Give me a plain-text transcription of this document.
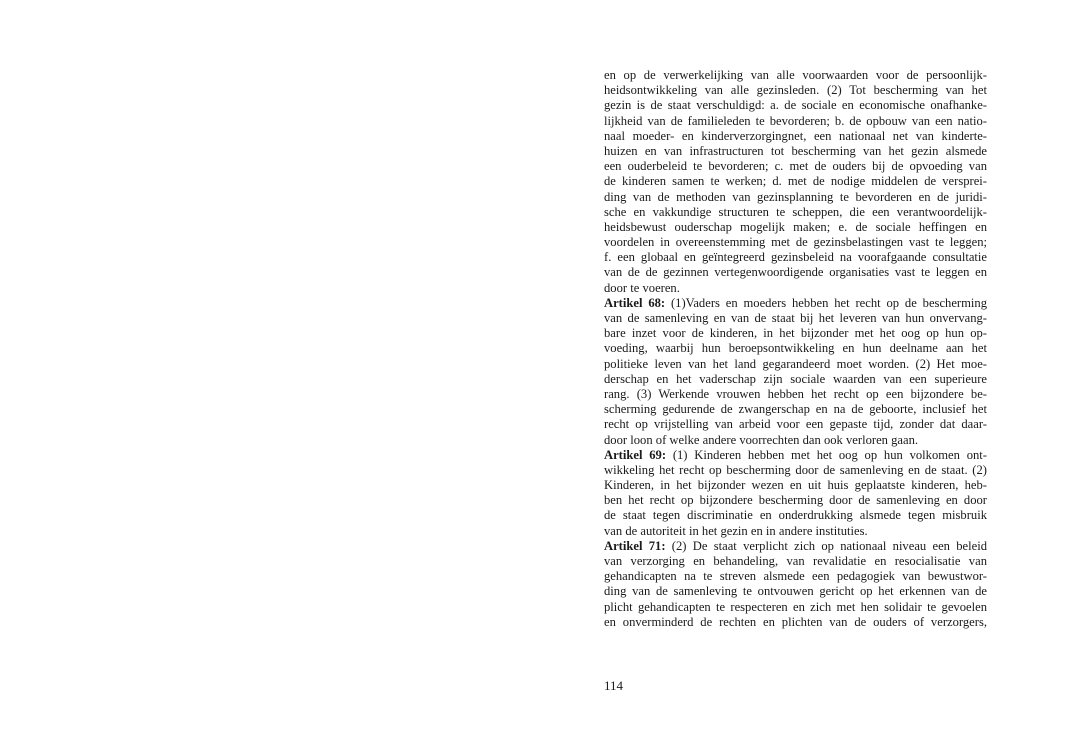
en op de verwerkelijking van alle voorwaarden voor de persoonlijk-
heidsontwikkeling van alle gezinsleden. (2) Tot bescherming van het
gezin is de staat verschuldigd: a. de sociale en economische onafhanke-
lijkheid van de familieleden te bevorderen; b. de opbouw van een natio-
naal moeder- en kinderverzorgingnet, een nationaal net van kinderte-
huizen en van infrastructuren tot bescherming van het gezin alsmede
een ouderbeleid te bevorderen; c. met de ouders bij de opvoeding van
de kinderen samen te werken; d. met de nodige middelen de versprei-
ding van de methoden van gezinsplanning te bevorderen en de juridi-
sche en vakkundige structuren te scheppen, die een verantwoordelijk-
heidsbewust ouderschap mogelijk maken; e. de sociale heffingen en
voordelen in overeenstemming met de gezinsbelastingen vast te leggen;
f. een globaal en geïntegreerd gezinsbeleid na voorafgaande consultatie
van de de gezinnen vertegenwoordigende organisaties vast te leggen en
door te voeren.
Artikel 68: (1)Vaders en moeders hebben het recht op de bescherming
van de samenleving en van de staat bij het leveren van hun onvervang-
bare inzet voor de kinderen, in het bijzonder met het oog op hun op-
voeding, waarbij hun beroepsontwikkeling en hun deelname aan het
politieke leven van het land gegarandeerd moet worden. (2) Het moe-
derschap en het vaderschap zijn sociale waarden van een superieure
rang. (3) Werkende vrouwen hebben het recht op een bijzondere be-
scherming gedurende de zwangerschap en na de geboorte, inclusief het
recht op vrijstelling van arbeid voor een gepaste tijd, zonder dat daar-
door loon of welke andere voorrechten dan ook verloren gaan.
Artikel 69: (1) Kinderen hebben met het oog op hun volkomen ont-
wikkeling het recht op bescherming door de samenleving en de staat. (2)
Kinderen, in het bijzonder wezen en uit huis geplaatste kinderen, heb-
ben het recht op bijzondere bescherming door de samenleving en door
de staat tegen discriminatie en onderdrukking alsmede tegen misbruik
van de autoriteit in het gezin en in andere instituties.
Artikel 71: (2) De staat verplicht zich op nationaal niveau een beleid
van verzorging en behandeling, van revalidatie en resocialisatie van
gehandicapten na te streven alsmede een pedagogiek van bewustwor-
ding van de samenleving te ontvouwen gericht op het erkennen van de
plicht gehandicapten te respecteren en zich met hen solidair te gevoelen
en onverminderd de rechten en plichten van de ouders of verzorgers,
114
